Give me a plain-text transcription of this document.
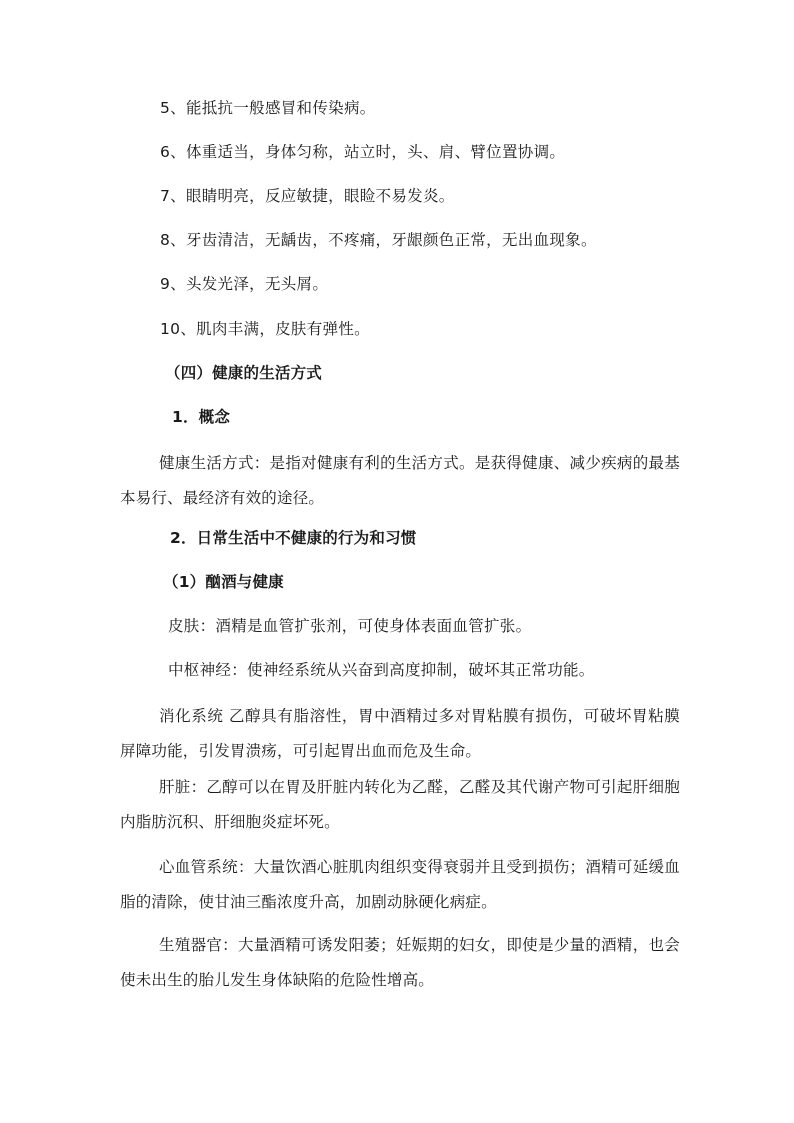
5、能抵抗一般感冒和传染病。
6、体重适当，身体匀称，站立时，头、肩、臂位置协调。
7、眼睛明亮，反应敏捷，眼睑不易发炎。
8、牙齿清洁，无龋齿，不疼痛，牙龈颜色正常，无出血现象。
9、头发光泽，无头屑。
10、肌肉丰满，皮肤有弹性。
（四）健康的生活方式
1．概念
健康生活方式：是指对健康有利的生活方式。是获得健康、减少疾病的最基本易行、最经济有效的途径。
2．日常生活中不健康的行为和习惯
（1）酗酒与健康
皮肤：酒精是血管扩张剂，可使身体表面血管扩张。
中枢神经：使神经系统从兴奋到高度抑制，破坏其正常功能。
消化系统 乙醇具有脂溶性，胃中酒精过多对胃粘膜有损伤，可破坏胃粘膜屏障功能，引发胃溃疡，可引起胃出血而危及生命。
肝脏：乙醇可以在胃及肝脏内转化为乙醛，乙醛及其代谢产物可引起肝细胞内脂肪沉积、肝细胞炎症坏死。
心血管系统：大量饮酒心脏肌肉组织变得衰弱并且受到损伤；酒精可延缓血脂的清除，使甘油三酯浓度升高，加剧动脉硬化病症。
生殖器官：大量酒精可诱发阳萎；妊娠期的妇女，即使是少量的酒精，也会使未出生的胎儿发生身体缺陷的危险性增高。
